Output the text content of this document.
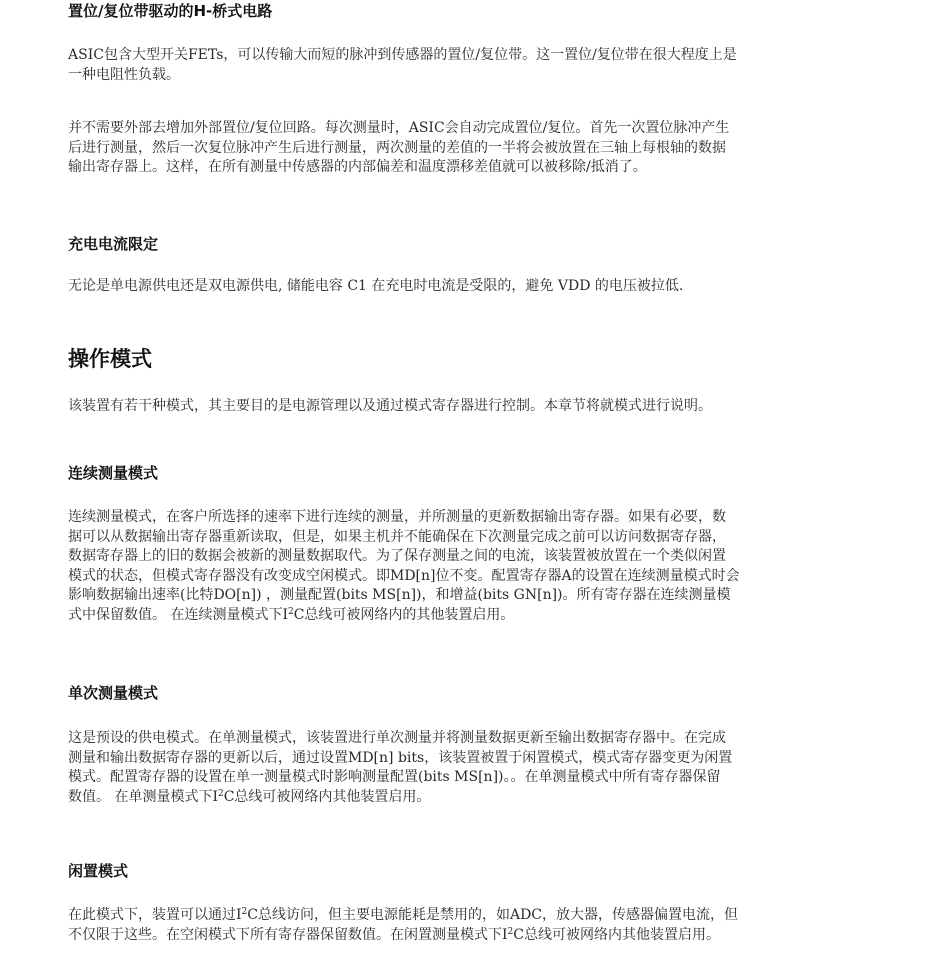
置位/复位带驱动的H-桥式电路
ASIC包含大型开关FETs，可以传输大而短的脉冲到传感器的置位/复位带。这一置位/复位带在很大程度上是
一种电阻性负载。
并不需要外部去增加外部置位/复位回路。每次测量时，ASIC会自动完成置位/复位。首先一次置位脉冲产生
后进行测量，然后一次复位脉冲产生后进行测量，两次测量的差值的一半将会被放置在三轴上每根轴的数据
输出寄存器上。这样，在所有测量中传感器的内部偏差和温度漂移差值就可以被移除/抵消了。
充电电流限定
无论是单电源供电还是双电源供电, 储能电容 C1 在充电时电流是受限的，避免 VDD 的电压被拉低.
操作模式
该装置有若干种模式，其主要目的是电源管理以及通过模式寄存器进行控制。本章节将就模式进行说明。
连续测量模式
连续测量模式，在客户所选择的速率下进行连续的测量，并所测量的更新数据输出寄存器。如果有必要，数
据可以从数据输出寄存器重新读取，但是，如果主机并不能确保在下次测量完成之前可以访问数据寄存器，
数据寄存器上的旧的数据会被新的测量数据取代。为了保存测量之间的电流，该装置被放置在一个类似闲置
模式的状态，但模式寄存器没有改变成空闲模式。即MD[n]位不变。配置寄存器A的设置在连续测量模式时会
影响数据输出速率(比特DO[n]) ，测量配置(bits MS[n])，和增益(bits GN[n])。所有寄存器在连续测量模
式中保留数值。 在连续测量模式下$I^2C$总线可被网络内的其他装置启用。
单次测量模式
这是预设的供电模式。在单测量模式，该装置进行单次测量并将测量数据更新至输出数据寄存器中。在完成
测量和输出数据寄存器的更新以后，通过设置MD[n] bits，该装置被置于闲置模式，模式寄存器变更为闲置
模式。配置寄存器的设置在单一测量模式时影响测量配置(bits MS[n])。。在单测量模式中所有寄存器保留
数值。 在单测量模式下$I^2C$总线可被网络内其他装置启用。
闲置模式
在此模式下，装置可以通过$I^2C$总线访问，但主要电源能耗是禁用的，如ADC，放大器，传感器偏置电流，但
不仅限于这些。在空闲模式下所有寄存器保留数值。在闲置测量模式下$I^2C$总线可被网络内其他装置启用。
